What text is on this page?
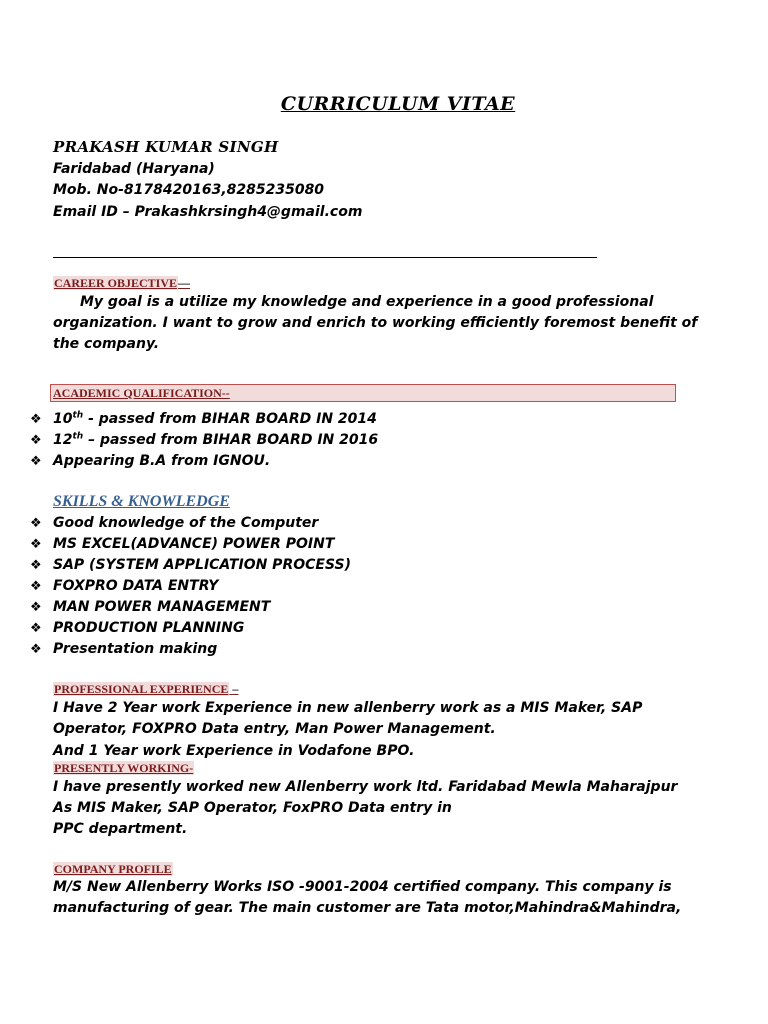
CURRICULUM VITAE
PRAKASH KUMAR SINGH
Faridabad (Haryana)
Mob. No-8178420163,8285235080
Email ID – Prakashkrsingh4@gmail.com
CAREER OBJECTIVE—
My goal is a utilize my knowledge and experience in a good professional
organization. I want to grow and enrich to working efficiently foremost benefit of
the company.
ACADEMIC QUALIFICATION--
❖ 10th - passed from BIHAR BOARD IN 2014
❖ 12th – passed from BIHAR BOARD IN 2016
❖ Appearing B.A from IGNOU.
SKILLS & KNOWLEDGE
❖ Good knowledge of the Computer
❖ MS EXCEL(ADVANCE) POWER POINT
❖ SAP (SYSTEM APPLICATION PROCESS)
❖ FOXPRO DATA ENTRY
❖ MAN POWER MANAGEMENT
❖ PRODUCTION PLANNING
❖ Presentation making
PROFESSIONAL EXPERIENCE –
I Have 2 Year work Experience in new allenberry work as a MIS Maker, SAP
Operator, FOXPRO Data entry, Man Power Management.
And 1 Year work Experience in Vodafone BPO.
PRESENTLY WORKING-
I have presently worked new Allenberry work ltd. Faridabad Mewla Maharajpur
As MIS Maker, SAP Operator, FoxPRO Data entry in
PPC department.
COMPANY PROFILE
M/S New Allenberry Works ISO -9001-2004 certified company. This company is
manufacturing of gear. The main customer are Tata motor,Mahindra&Mahindra,
